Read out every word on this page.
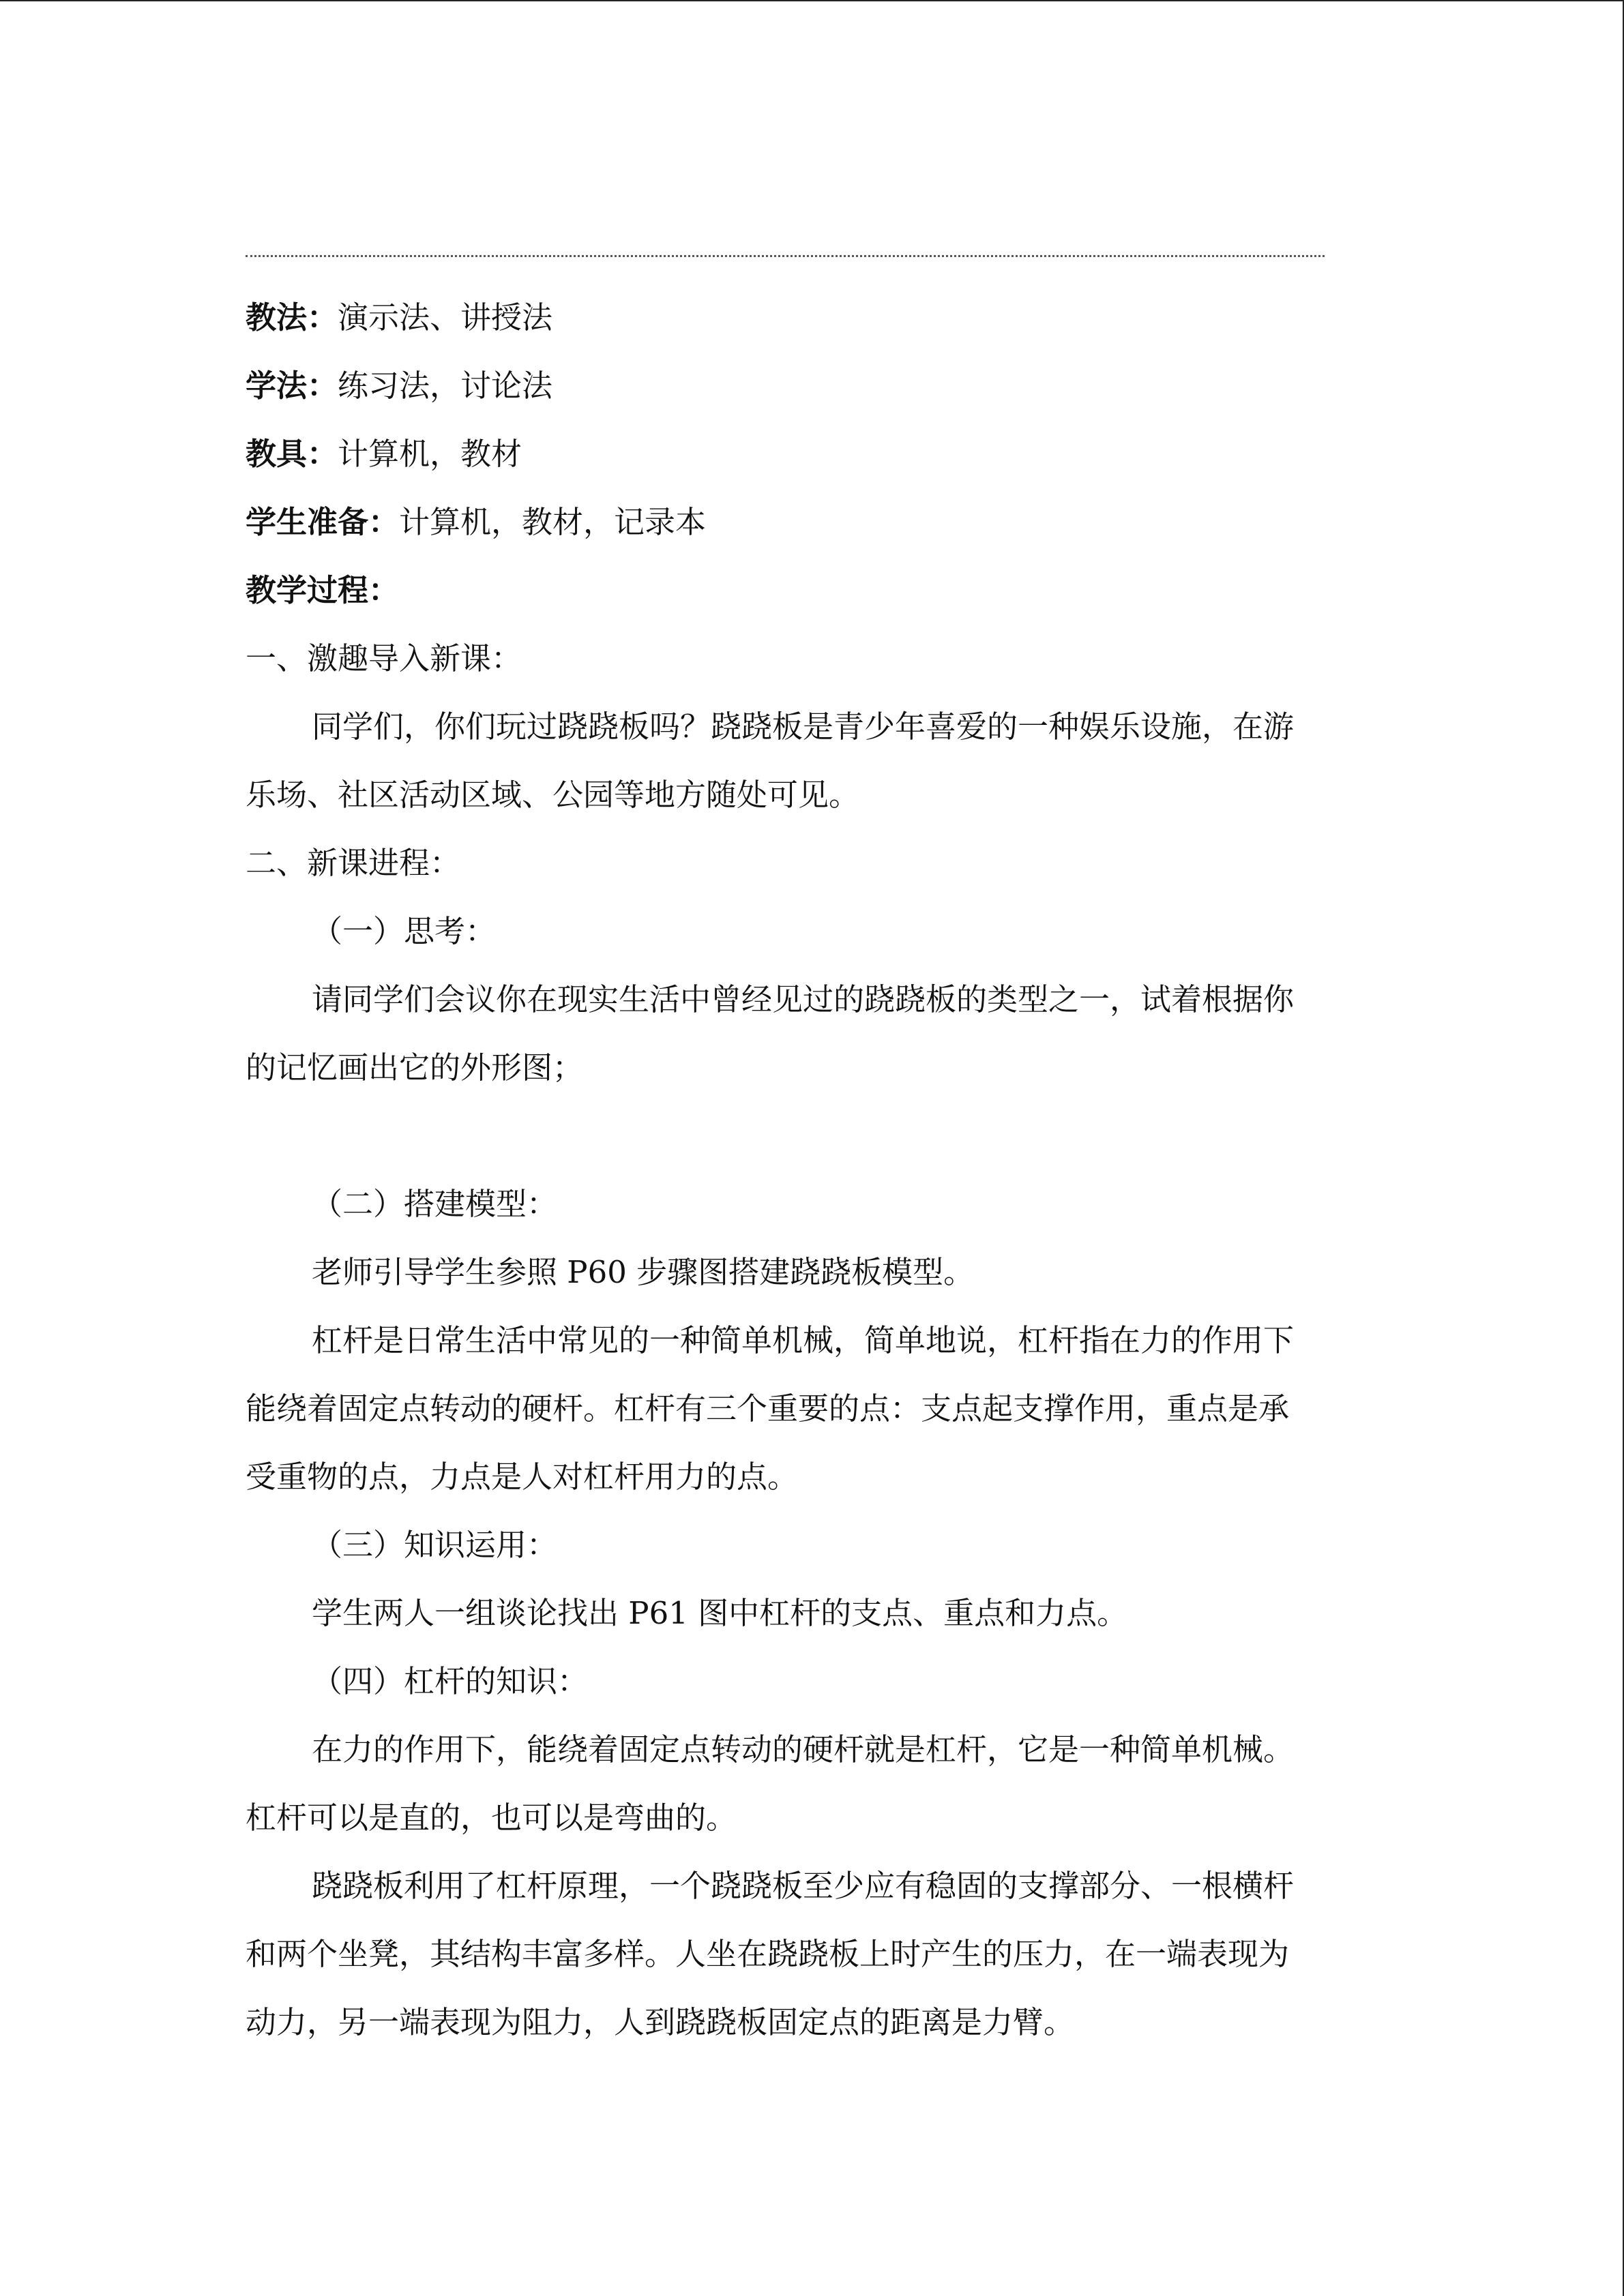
教法：演示法、讲授法
学法：练习法，讨论法
教具：计算机，教材
学生准备：计算机，教材，记录本
教学过程：
一、激趣导入新课：
同学们，你们玩过跷跷板吗？跷跷板是青少年喜爱的一种娱乐设施，在游
乐场、社区活动区域、公园等地方随处可见。
二、新课进程：
（一）思考：
请同学们会议你在现实生活中曾经见过的跷跷板的类型之一，试着根据你
的记忆画出它的外形图；
（二）搭建模型：
老师引导学生参照 P60 步骤图搭建跷跷板模型。
杠杆是日常生活中常见的一种简单机械，简单地说，杠杆指在力的作用下
能绕着固定点转动的硬杆。杠杆有三个重要的点：支点起支撑作用，重点是承
受重物的点，力点是人对杠杆用力的点。
（三）知识运用：
学生两人一组谈论找出 P61 图中杠杆的支点、重点和力点。
（四）杠杆的知识：
在力的作用下，能绕着固定点转动的硬杆就是杠杆，它是一种简单机械。
杠杆可以是直的，也可以是弯曲的。
跷跷板利用了杠杆原理，一个跷跷板至少应有稳固的支撑部分、一根横杆
和两个坐凳，其结构丰富多样。人坐在跷跷板上时产生的压力，在一端表现为
动力，另一端表现为阻力，人到跷跷板固定点的距离是力臂。
